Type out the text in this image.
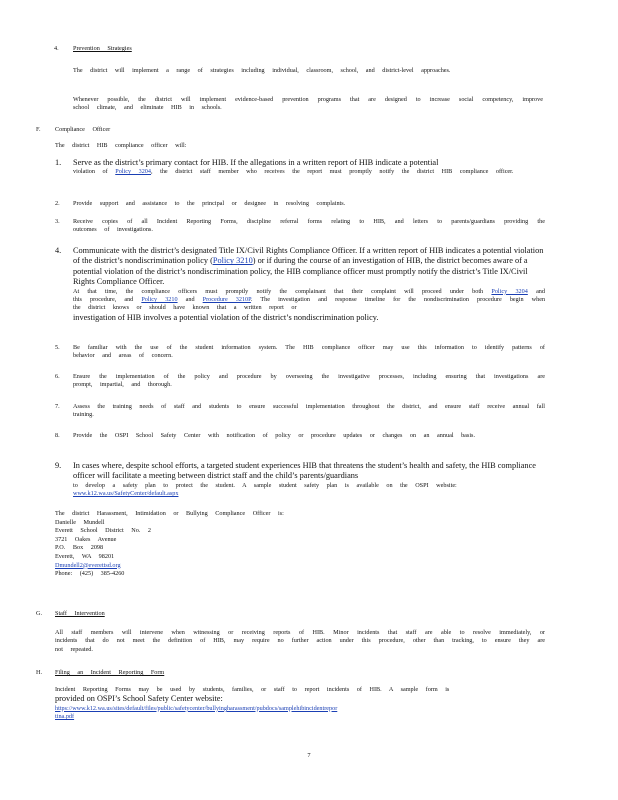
4.	Prevention Strategies
The district will implement a range of strategies including individual, classroom, school, and district-level approaches.
Whenever possible, the district will implement evidence-based prevention programs that are designed to increase social competency, improve school climate, and eliminate HIB in schools.
F.	Compliance Officer
The district HIB compliance officer will:
1.	Serve as the district’s primary contact for HIB. If the allegations in a written report of HIB indicate a potential
violation of Policy 3204, the district staff member who receives the report must promptly notify the district HIB compliance officer.
2.	Provide support and assistance to the principal or designee in resolving complaints.
3.	Receive copies of all Incident Reporting Forms, discipline referral forms relating to HIB, and letters to parents/guardians providing the outcomes of investigations.
4.	Communicate with the district’s designated Title IX/Civil Rights Compliance Officer. If a written report of HIB indicates a potential violation of the district’s nondiscrimination policy (Policy 3210) or if during the course of an investigation of HIB, the district becomes aware of a potential violation of the district’s nondiscrimination policy, the HIB compliance officer must promptly notify the district’s Title IX/Civil Rights Compliance Officer.
At that time, the compliance officers must promptly notify the complainant that their complaint will proceed under both Policy 3204 and this procedure, and Policy 3210 and Procedure 3210P. The investigation and response timeline for the nondiscrimination procedure begin when the district knows or should have known that a written report or
investigation of HIB involves a potential violation of the district’s nondiscrimination policy.
5.	Be familiar with the use of the student information system. The HIB compliance officer may use this information to identify patterns of behavior and areas of concern.
6.	Ensure the implementation of the policy and procedure by overseeing the investigative processes, including ensuring that investigations are prompt, impartial, and thorough.
7.	Assess the training needs of staff and students to ensure successful implementation throughout the district, and ensure staff receive annual fall training.
8.	Provide the OSPI School Safety Center with notification of policy or procedure updates or changes on an annual basis.
9.	In cases where, despite school efforts, a targeted student experiences HIB that threatens the student’s health and safety, the HIB compliance officer will facilitate a meeting between district staff and the child’s parents/guardians
to develop a safety plan to protect the student. A sample student safety plan is available on the OSPI website:
www.k12.wa.us/SafetyCenter/default.aspx
The district Harassment, Intimidation or Bullying Compliance Officer is:
Danielle Mundell
Everett School District No. 2
3721 Oakes Avenue
P.O. Box 2098
Everett, WA 98201
Dmundell2@everettsd.org
Phone: (425) 385-4260
G.	Staff Intervention
All staff members will intervene when witnessing or receiving reports of HIB. Minor incidents that staff are able to resolve immediately, or incidents that do not meet the definition of HIB, may require no further action under this procedure, other than tracking, to ensure they are not repeated.
H.	Filing an Incident Reporting Form
Incident Reporting Forms may be used by students, families, or staff to report incidents of HIB. A sample form is
provided on OSPI’s School Safety Center website:
https://www.k12.wa.us/sites/default/files/public/safetycenter/bullyingharassment/pubdocs/samplehibincidentrepor
tina.pdf
7
